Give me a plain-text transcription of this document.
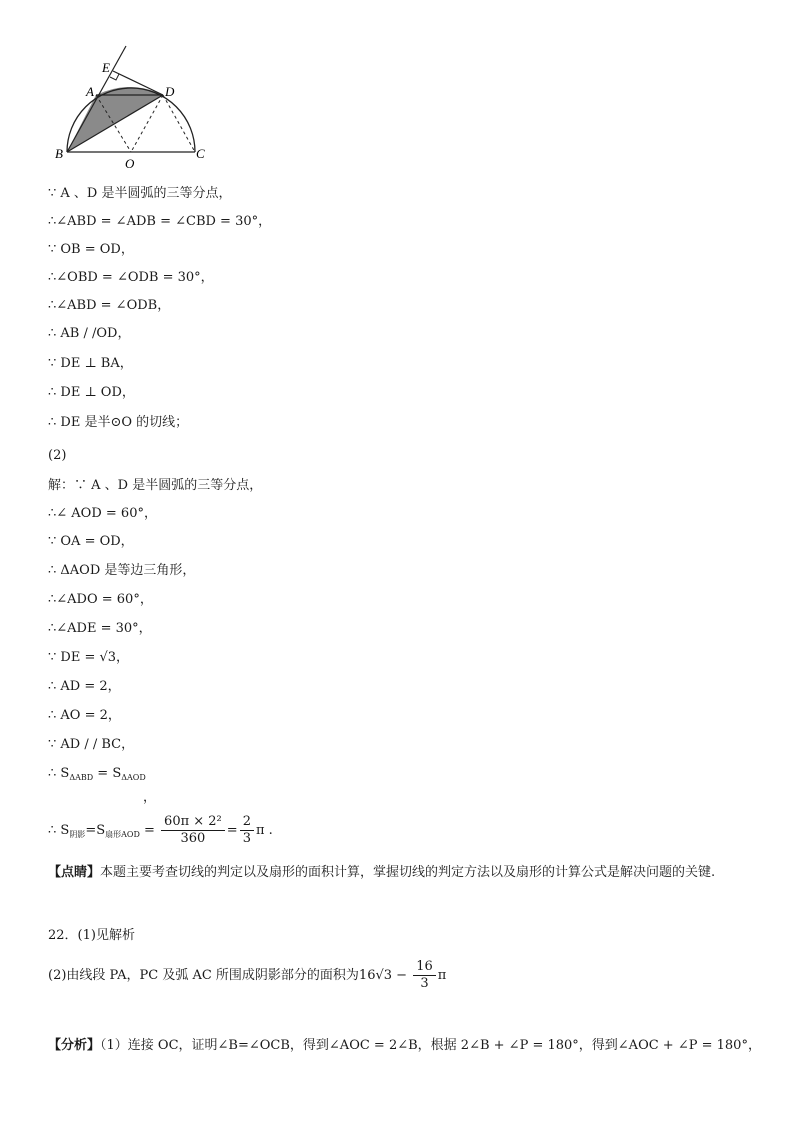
E
A	D
B
O
C
∵ A 、D 是半圆弧的三等分点，
∴∠ABD = ∠ADB = ∠CBD = 30°，
∵ OB = OD，
∴∠OBD = ∠ODB = 30°，
∴∠ABD = ∠ODB，
∴ AB / /OD，
∵ DE ⊥ BA，
∴ DE ⊥ OD，
∴ DE 是半⊙O 的切线；
(2)
解：∵ A 、D 是半圆弧的三等分点，
∴∠ AOD = 60°，
∵ OA = OD，
∴ ΔAOD 是等边三角形，
∴∠ADO = 60°，
∴∠ADE = 30°，
∵ DE = √3，
∴ AD = 2，
∴ AO = 2，
∵ AD / / BC，
∴ $S_{\Delta ABD} = S_{\Delta AOD}$
，
∴ $S_{阴影}=S_{扇形AOD} = \frac{\text{60π × 2²}}{360} = \frac{2}{3}$ π .
【点睛】本题主要考查切线的判定以及扇形的面积计算，掌握切线的判定方法以及扇形的计算公式是解决问题的关键.
22．(1)见解析
(2)由线段 PA，PC 及弧 AC 所围成阴影部分的面积为$16√3 - \frac{16}{3}$ π
【分析】（1）连接 OC，证明∠B=∠OCB，得到∠AOC = 2∠B，根据 2∠B + ∠P = 180°，得到∠AOC + ∠P = 180°，
